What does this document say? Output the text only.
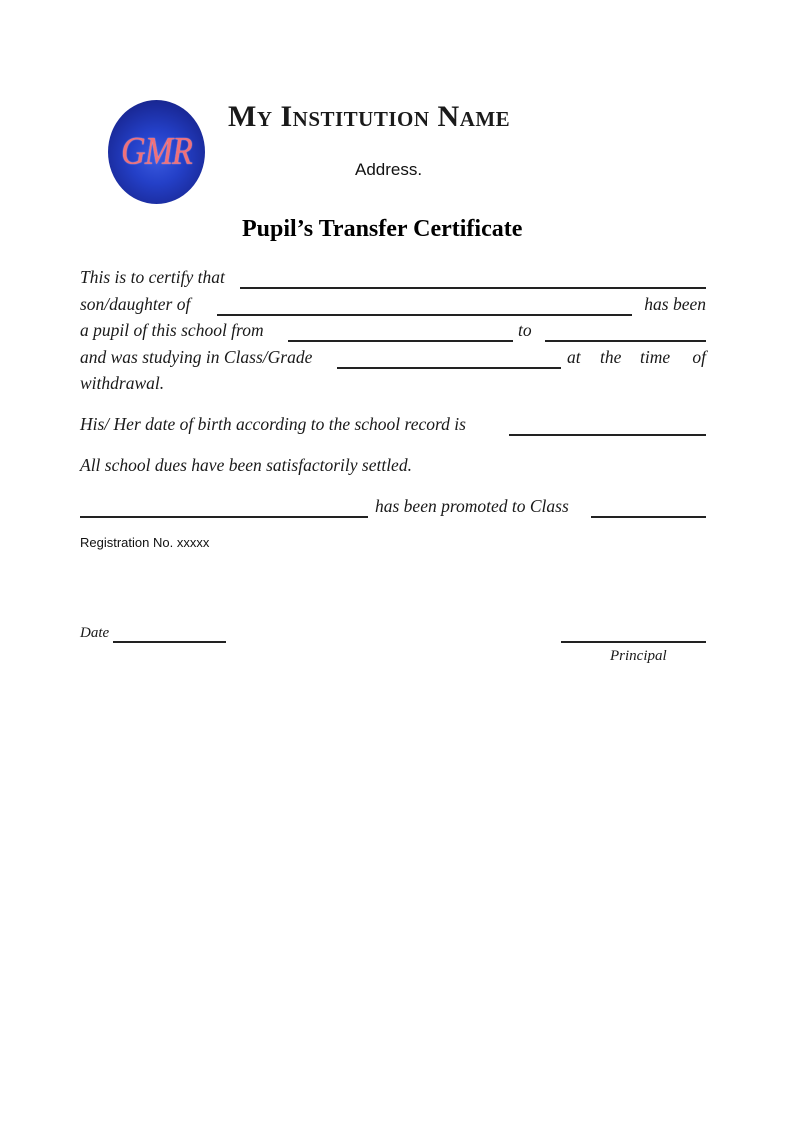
GMR
My Institution Name
Address.
Pupil’s Transfer Certificate
This is to certify that
son/daughter of	has been
a pupil of this school from	to
and was studying in Class/Grade	at the time of
withdrawal.
His/ Her date of birth according to the school record is
All school dues have been satisfactorily settled.
has been promoted to Class
Registration No. xxxxx
Date
Principal
